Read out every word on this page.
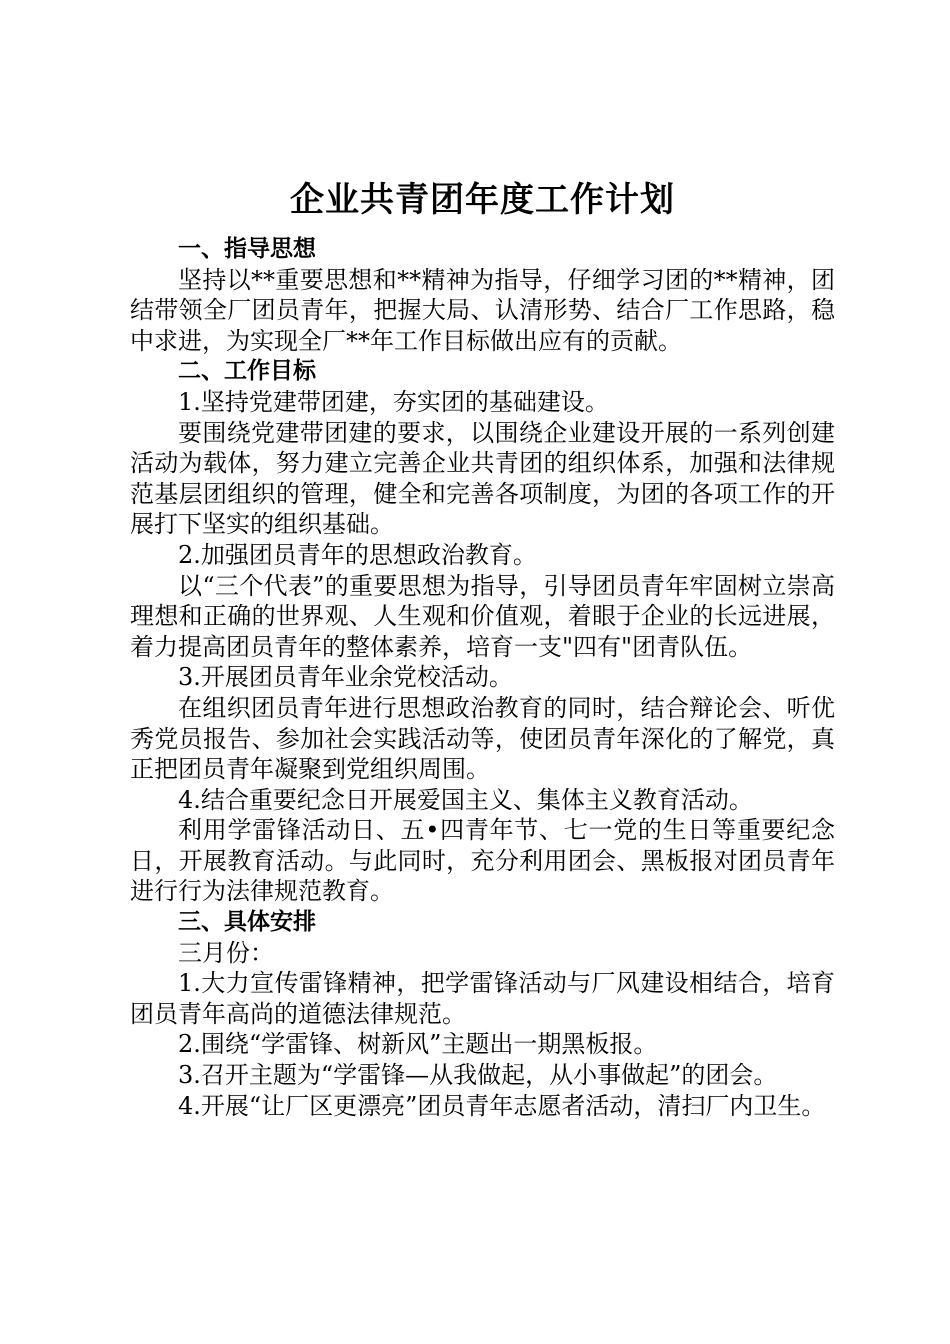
企业共青团年度工作计划
一、指导思想
坚持以**重要思想和**精神为指导，仔细学习团的**精神，团结带领全厂团员青年，把握大局、认清形势、结合厂工作思路，稳中求进，为实现全厂**年工作目标做出应有的贡献。
二、工作目标
1.坚持党建带团建，夯实团的基础建设。
要围绕党建带团建的要求，以围绕企业建设开展的一系列创建活动为载体，努力建立完善企业共青团的组织体系，加强和法律规范基层团组织的管理，健全和完善各项制度，为团的各项工作的开展打下坚实的组织基础。
2.加强团员青年的思想政治教育。
以“三个代表”的重要思想为指导，引导团员青年牢固树立崇高理想和正确的世界观、人生观和价值观，着眼于企业的长远进展，着力提高团员青年的整体素养，培育一支"四有"团青队伍。
3.开展团员青年业余党校活动。
在组织团员青年进行思想政治教育的同时，结合辩论会、听优秀党员报告、参加社会实践活动等，使团员青年深化的了解党，真正把团员青年凝聚到党组织周围。
4.结合重要纪念日开展爱国主义、集体主义教育活动。
利用学雷锋活动日、五•四青年节、七一党的生日等重要纪念日，开展教育活动。与此同时，充分利用团会、黑板报对团员青年进行行为法律规范教育。
三、具体安排
三月份：
1.大力宣传雷锋精神，把学雷锋活动与厂风建设相结合，培育团员青年高尚的道德法律规范。
2.围绕“学雷锋、树新风”主题出一期黑板报。
3.召开主题为“学雷锋—从我做起，从小事做起”的团会。
4.开展“让厂区更漂亮”团员青年志愿者活动，清扫厂内卫生。
